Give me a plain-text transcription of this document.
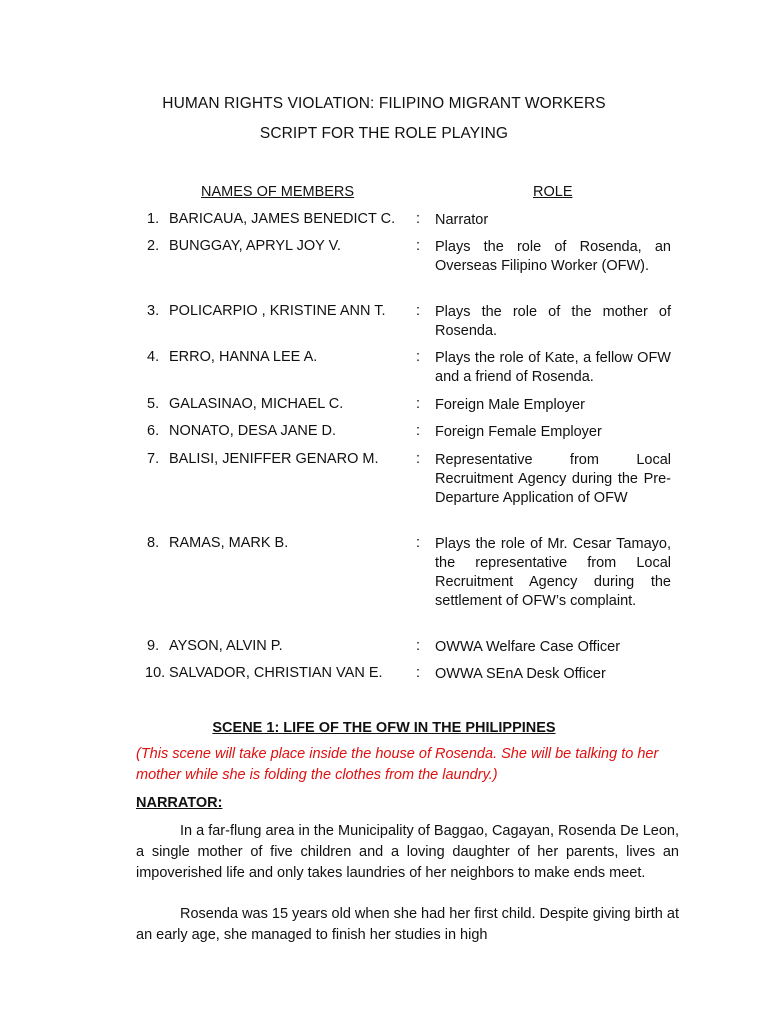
HUMAN RIGHTS VIOLATION: FILIPINO MIGRANT WORKERS
SCRIPT FOR THE ROLE PLAYING
NAMES OF MEMBERS	ROLE
1. BARICAUA, JAMES BENEDICT C. : Narrator
2. BUNGGAY, APRYL JOY V.	: Plays the role of Rosenda, an Overseas Filipino Worker (OFW).
3. POLICARPIO , KRISTINE ANN T. : Plays the role of the mother of Rosenda.
4. ERRO, HANNA LEE A.	: Plays the role of Kate, a fellow OFW and a friend of Rosenda.
5. GALASINAO, MICHAEL C.	: Foreign Male Employer
6. NONATO, DESA JANE D.	: Foreign Female Employer
7. BALISI, JENIFFER GENARO M.	: Representative from Local Recruitment Agency during the Pre-Departure Application of OFW
8. RAMAS, MARK B.	: Plays the role of Mr. Cesar Tamayo, the representative from Local Recruitment Agency during the settlement of OFW’s complaint.
9. AYSON, ALVIN P.	: OWWA Welfare Case Officer
10. SALVADOR, CHRISTIAN VAN E. : OWWA SEnA Desk Officer
SCENE 1: LIFE OF THE OFW IN THE PHILIPPINES
(This scene will take place inside the house of Rosenda. She will be talking to her mother while she is folding the clothes from the laundry.)
NARRATOR:
In a far-flung area in the Municipality of Baggao, Cagayan, Rosenda De Leon, a single mother of five children and a loving daughter of her parents, lives an impoverished life and only takes laundries of her neighbors to make ends meet.
Rosenda was 15 years old when she had her first child. Despite giving birth at an early age, she managed to finish her studies in high
